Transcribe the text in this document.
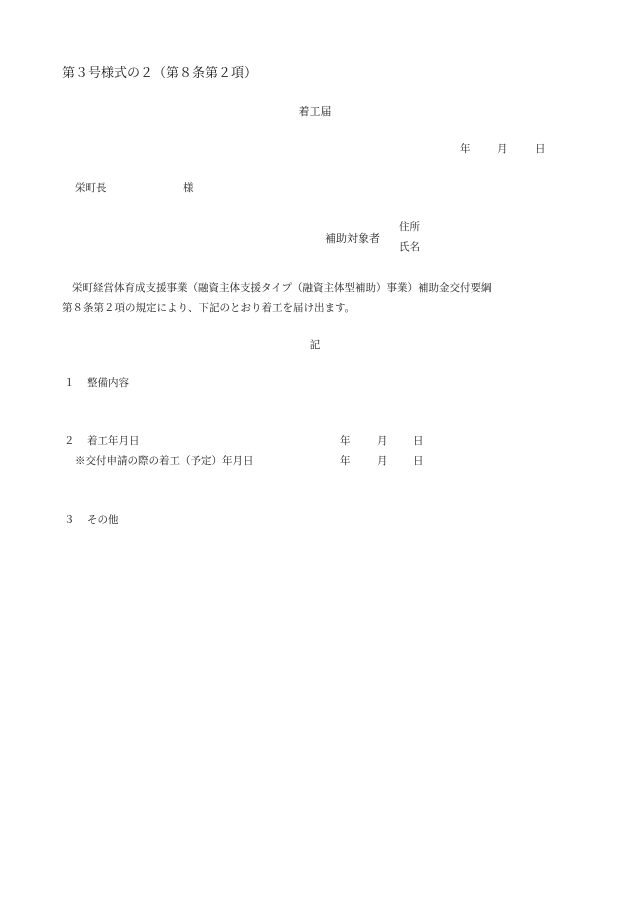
第３号様式の２（第８条第２項）
着工届
年	月	日
栄町長	様
補助対象者
住所
氏名

栄町経営体育成支援事業（融資主体支援タイプ（融資主体型補助）事業）補助金交付要綱

第８条第２項の規定により、下記のとおり着工を届け出ます。

記
１ 整備内容
２ 着工年月日	年	月 日
※交付申請の際の着工（予定）年月日	年	月 日
３ その他
